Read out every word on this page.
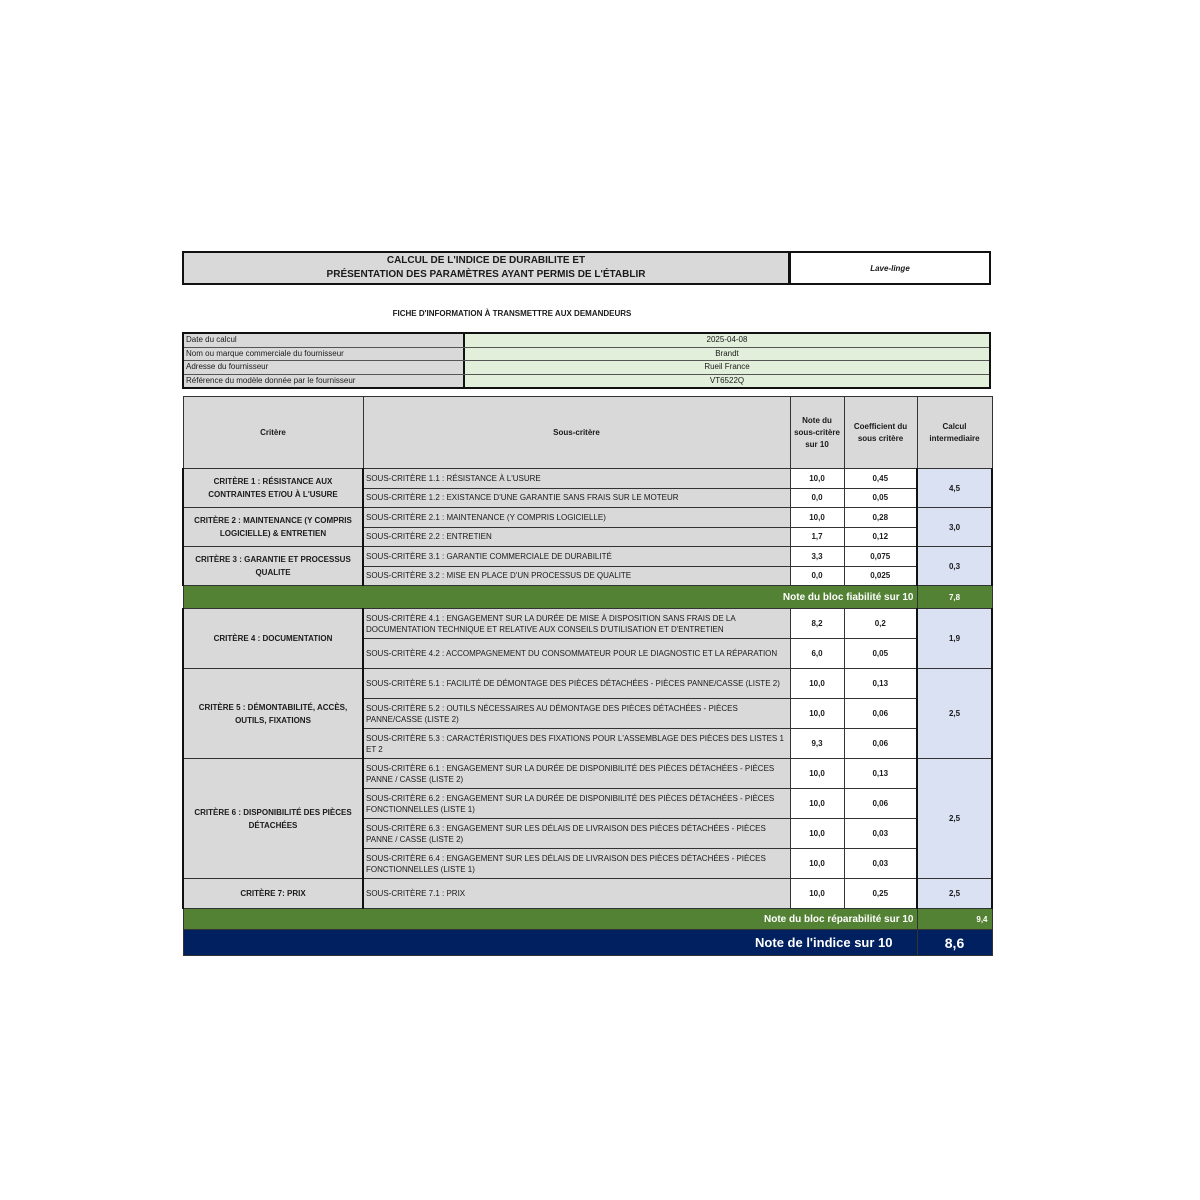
CALCUL DE L'INDICE DE DURABILITE ET
PRÉSENTATION DES PARAMÈTRES AYANT PERMIS DE L'ÉTABLIR
Lave-linge
FICHE D'INFORMATION À TRANSMETTRE AUX DEMANDEURS
Date du calcul	2025-04-08
Nom ou marque commerciale du fournisseur	Brandt
Adresse du fournisseur	Rueil France
Référence du modèle donnée par le fournisseur	VT6522Q
Critère	Sous-critère	Note du sous-critère sur 10	Coefficient du sous critère	Calcul intermediaire
CRITÈRE 1 : RÉSISTANCE AUX CONTRAINTES ET/OU À L'USURE	SOUS-CRITÈRE 1.1 : RÉSISTANCE À L'USURE	10,0	0,45	4,5
	SOUS-CRITÈRE 1.2 : EXISTANCE D'UNE GARANTIE SANS FRAIS SUR LE MOTEUR	0,0	0,05	
CRITÈRE 2 : MAINTENANCE (Y COMPRIS LOGICIELLE) & ENTRETIEN	SOUS-CRITÈRE 2.1 : MAINTENANCE (Y COMPRIS LOGICIELLE)	10,0	0,28	3,0
	SOUS-CRITÈRE 2.2 : ENTRETIEN	1,7	0,12	
CRITÈRE 3 : GARANTIE ET PROCESSUS QUALITE	SOUS-CRITÈRE 3.1 : GARANTIE COMMERCIALE DE DURABILITÉ	3,3	0,075	0,3
	SOUS-CRITÈRE 3.2 : MISE EN PLACE D'UN PROCESSUS DE QUALITE	0,0	0,025	
Note du bloc fiabilité sur 10				7,8
CRITÈRE 4 : DOCUMENTATION	SOUS-CRITÈRE 4.1 : ENGAGEMENT SUR LA DURÉE DE MISE À DISPOSITION SANS FRAIS DE LA DOCUMENTATION TECHNIQUE ET RELATIVE AUX CONSEILS D'UTILISATION ET D'ENTRETIEN	8,2	0,2	1,9
	SOUS-CRITÈRE 4.2 : ACCOMPAGNEMENT DU CONSOMMATEUR POUR LE DIAGNOSTIC ET LA RÉPARATION	6,0	0,05	
CRITÈRE 5 : DÉMONTABILITÉ, ACCÈS, OUTILS, FIXATIONS	SOUS-CRITÈRE 5.1 : FACILITÉ DE DÉMONTAGE DES PIÈCES DÉTACHÉES - PIÈCES PANNE/CASSE (LISTE 2)	10,0	0,13	2,5
	SOUS-CRITÈRE 5.2 : OUTILS NÉCESSAIRES AU DÉMONTAGE DES PIÈCES DÉTACHÉES - PIÈCES PANNE/CASSE (LISTE 2)	10,0	0,06	
	SOUS-CRITÈRE 5.3 : CARACTÉRISTIQUES DES FIXATIONS POUR L'ASSEMBLAGE DES PIÈCES DES LISTES 1 ET 2	9,3	0,06	
CRITÈRE 6 : DISPONIBILITÉ DES PIÈCES DÉTACHÉES	SOUS-CRITÈRE 6.1 : ENGAGEMENT SUR LA DURÉE DE DISPONIBILITÉ DES PIÈCES DÉTACHÉES - PIÈCES PANNE / CASSE (LISTE 2)	10,0	0,13	2,5
	SOUS-CRITÈRE 6.2 : ENGAGEMENT SUR LA DURÉE DE DISPONIBILITÉ DES PIÈCES DÉTACHÉES - PIÈCES FONCTIONNELLES (LISTE 1)	10,0	0,06	
	SOUS-CRITÈRE 6.3 : ENGAGEMENT SUR LES DÉLAIS DE LIVRAISON DES PIÈCES DÉTACHÉES - PIÈCES PANNE / CASSE (LISTE 2)	10,0	0,03	
	SOUS-CRITÈRE 6.4 : ENGAGEMENT SUR LES DÉLAIS DE LIVRAISON DES PIÈCES DÉTACHÉES - PIÈCES FONCTIONNELLES (LISTE 1)	10,0	0,03	
CRITÈRE 7: PRIX	SOUS-CRITÈRE 7.1 : PRIX	10,0	0,25	2,5
Note du bloc réparabilité sur 10				9,4
Note de l'indice sur 10				8,6
